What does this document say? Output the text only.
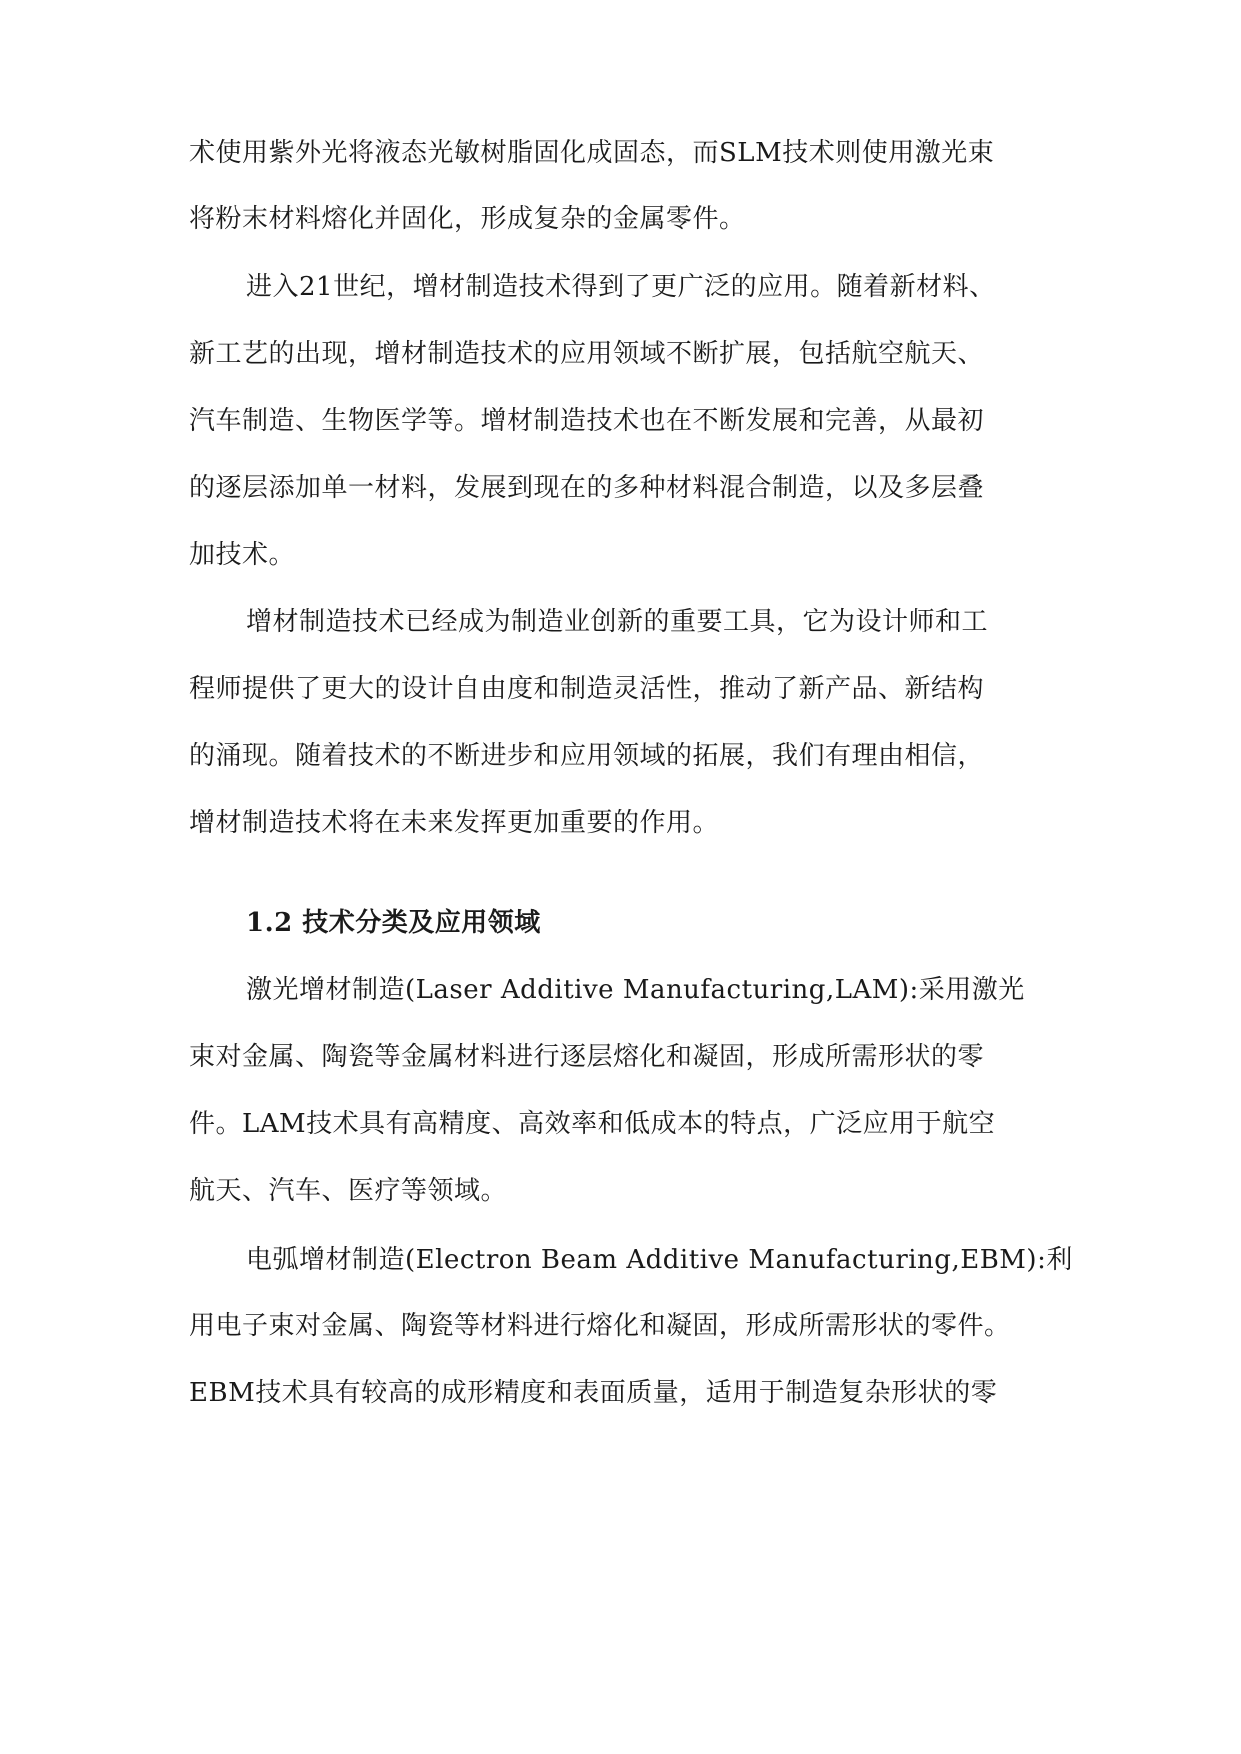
术使用紫外光将液态光敏树脂固化成固态，而SLM技术则使用激光束
将粉末材料熔化并固化，形成复杂的金属零件。
进入21世纪，增材制造技术得到了更广泛的应用。随着新材料、
新工艺的出现，增材制造技术的应用领域不断扩展，包括航空航天、
汽车制造、生物医学等。增材制造技术也在不断发展和完善，从最初
的逐层添加单一材料，发展到现在的多种材料混合制造，以及多层叠
加技术。
增材制造技术已经成为制造业创新的重要工具，它为设计师和工
程师提供了更大的设计自由度和制造灵活性，推动了新产品、新结构
的涌现。随着技术的不断进步和应用领域的拓展，我们有理由相信，
增材制造技术将在未来发挥更加重要的作用。
1.2 技术分类及应用领域
激光增材制造(Laser Additive Manufacturing,LAM):采用激光
束对金属、陶瓷等金属材料进行逐层熔化和凝固，形成所需形状的零
件。LAM技术具有高精度、高效率和低成本的特点，广泛应用于航空
航天、汽车、医疗等领域。
电弧增材制造(Electron Beam Additive Manufacturing,EBM):利
用电子束对金属、陶瓷等材料进行熔化和凝固，形成所需形状的零件。
EBM技术具有较高的成形精度和表面质量，适用于制造复杂形状的零
